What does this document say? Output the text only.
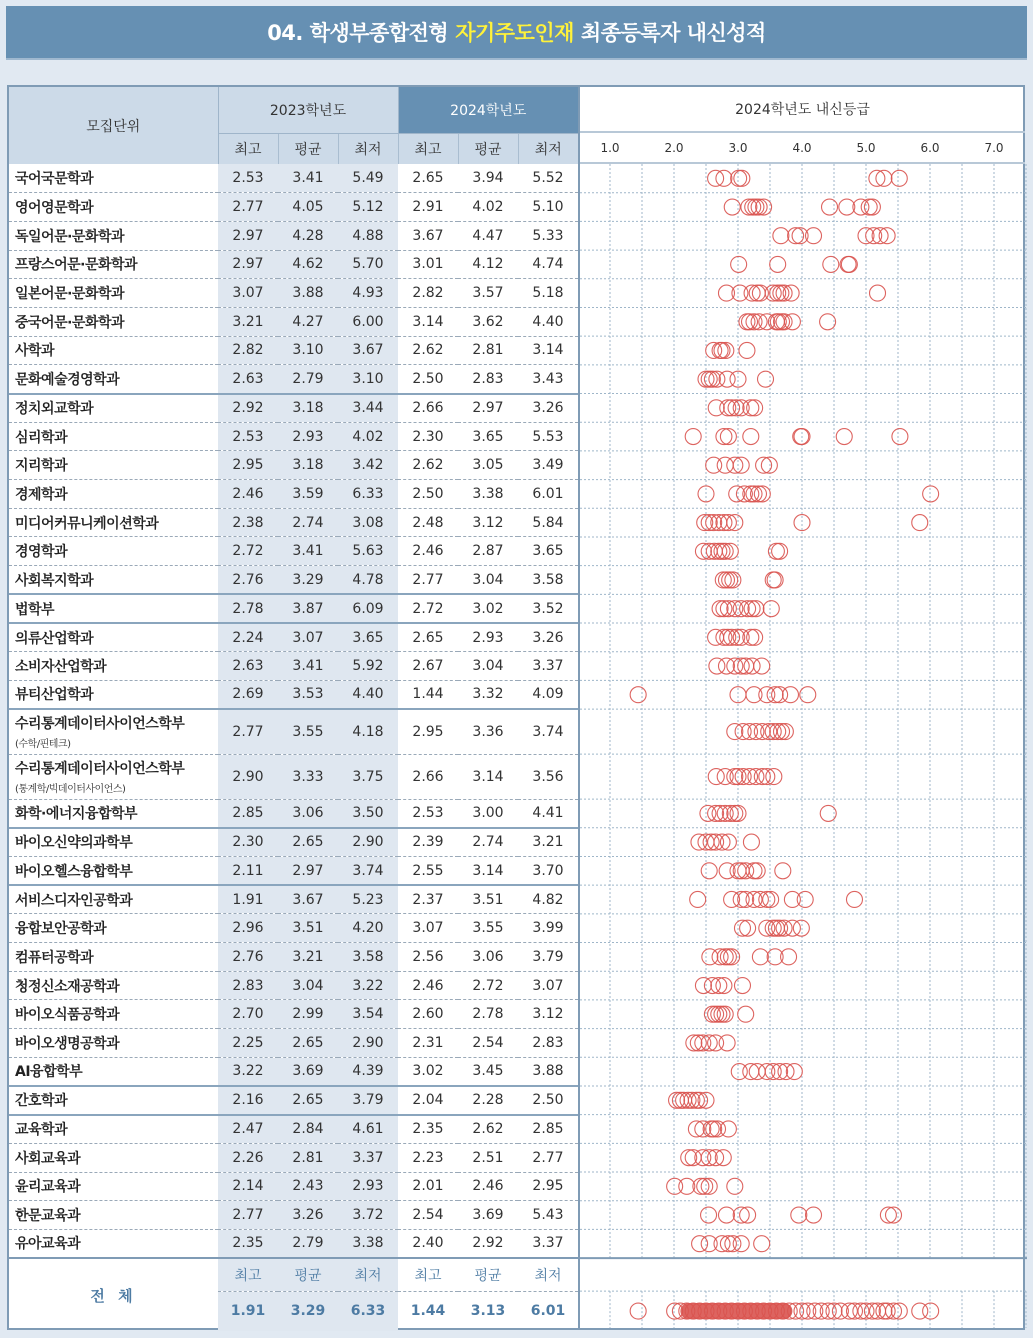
04. 학생부종합전형 자기주도인재 최종등록자 내신성적
모집단위	2023학년도			2024학년도		
	최고	평균	최저	최고	평균	최저
국어국문학과	2.53	3.41	5.49	2.65	3.94	5.52
영어영문학과	2.77	4.05	5.12	2.91	4.02	5.10
독일어문·문화학과	2.97	4.28	4.88	3.67	4.47	5.33
프랑스어문·문화학과	2.97	4.62	5.70	3.01	4.12	4.74
일본어문·문화학과	3.07	3.88	4.93	2.82	3.57	5.18
중국어문·문화학과	3.21	4.27	6.00	3.14	3.62	4.40
사학과	2.82	3.10	3.67	2.62	2.81	3.14
문화예술경영학과	2.63	2.79	3.10	2.50	2.83	3.43
정치외교학과	2.92	3.18	3.44	2.66	2.97	3.26
심리학과	2.53	2.93	4.02	2.30	3.65	5.53
지리학과	2.95	3.18	3.42	2.62	3.05	3.49
경제학과	2.46	3.59	6.33	2.50	3.38	6.01
미디어커뮤니케이션학과	2.38	2.74	3.08	2.48	3.12	5.84
경영학과	2.72	3.41	5.63	2.46	2.87	3.65
사회복지학과	2.76	3.29	4.78	2.77	3.04	3.58
법학부	2.78	3.87	6.09	2.72	3.02	3.52
의류산업학과	2.24	3.07	3.65	2.65	2.93	3.26
소비자산업학과	2.63	3.41	5.92	2.67	3.04	3.37
뷰티산업학과	2.69	3.53	4.40	1.44	3.32	4.09
수리통계데이터사이언스학부
(수학/핀테크)	2.77	3.55	4.18	2.95	3.36	3.74
수리통계데이터사이언스학부
(통계학/빅데이터사이언스)	2.90	3.33	3.75	2.66	3.14	3.56
화학·에너지융합학부	2.85	3.06	3.50	2.53	3.00	4.41
바이오신약의과학부	2.30	2.65	2.90	2.39	2.74	3.21
바이오헬스융합학부	2.11	2.97	3.74	2.55	3.14	3.70
서비스디자인공학과	1.91	3.67	5.23	2.37	3.51	4.82
융합보안공학과	2.96	3.51	4.20	3.07	3.55	3.99
컴퓨터공학과	2.76	3.21	3.58	2.56	3.06	3.79
청정신소재공학과	2.83	3.04	3.22	2.46	2.72	3.07
바이오식품공학과	2.70	2.99	3.54	2.60	2.78	3.12
바이오생명공학과	2.25	2.65	2.90	2.31	2.54	2.83
AI융합학부	3.22	3.69	4.39	3.02	3.45	3.88
간호학과	2.16	2.65	3.79	2.04	2.28	2.50
교육학과	2.47	2.84	4.61	2.35	2.62	2.85
사회교육과	2.26	2.81	3.37	2.23	2.51	2.77
윤리교육과	2.14	2.43	2.93	2.01	2.46	2.95
한문교육과	2.77	3.26	3.72	2.54	3.69	5.43
유아교육과	2.35	2.79	3.38	2.40	2.92	3.37
전 체	최고	평균	최저	최고	평균	최저
	1.91	3.29	6.33	1.44	3.13	6.01
2024학년도 내신등급
1.0	2.0	3.0	4.0	5.0	6.0	7.0
